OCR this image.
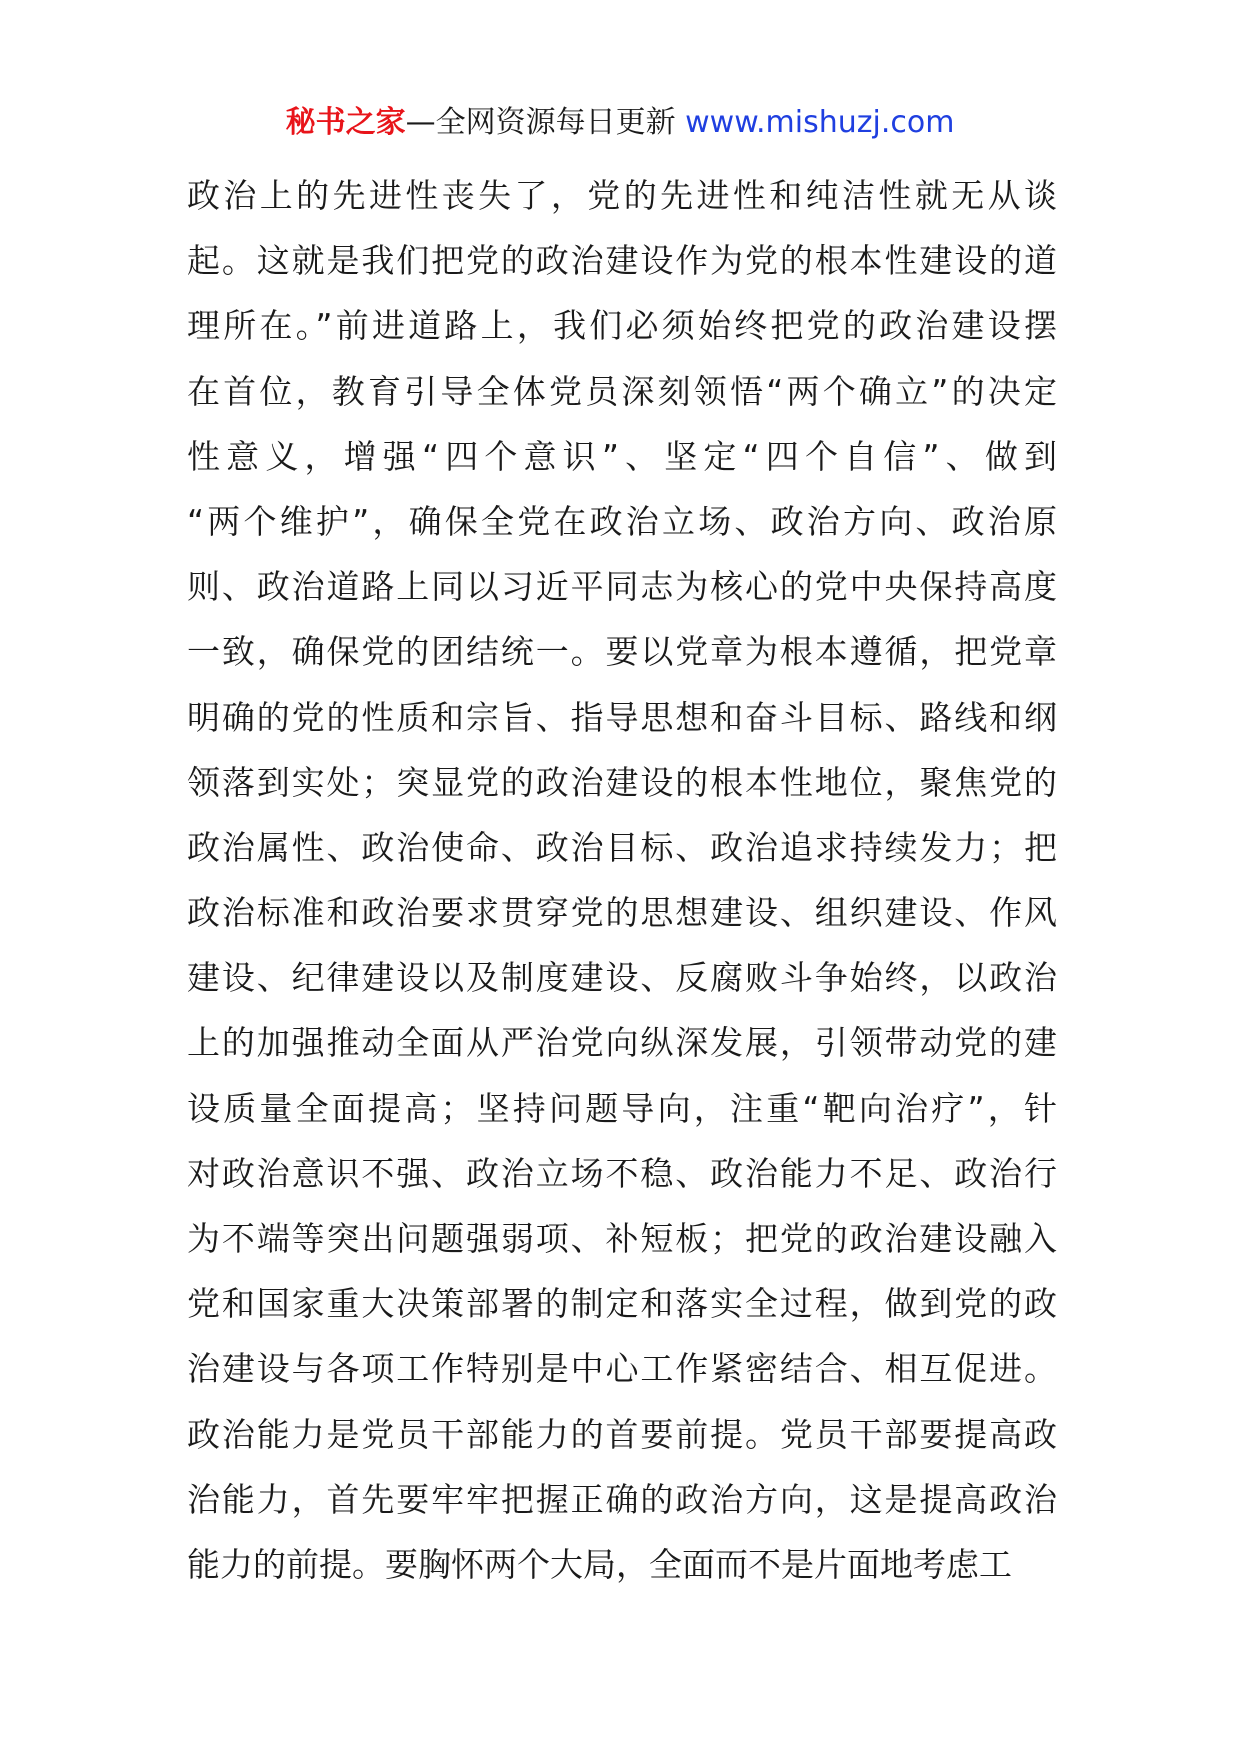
秘书之家—全网资源每日更新 www.mishuzj.com
政治上的先进性丧失了，党的先进性和纯洁性就无从谈
起。这就是我们把党的政治建设作为党的根本性建设的道
理所在。”前进道路上，我们必须始终把党的政治建设摆
在首位，教育引导全体党员深刻领悟“两个确立”的决定
性意义，增强“四个意识”、坚定“四个自信”、做到
“两个维护”，确保全党在政治立场、政治方向、政治原
则、政治道路上同以习近平同志为核心的党中央保持高度
一致，确保党的团结统一。要以党章为根本遵循，把党章
明确的党的性质和宗旨、指导思想和奋斗目标、路线和纲
领落到实处；突显党的政治建设的根本性地位，聚焦党的
政治属性、政治使命、政治目标、政治追求持续发力；把
政治标准和政治要求贯穿党的思想建设、组织建设、作风
建设、纪律建设以及制度建设、反腐败斗争始终，以政治
上的加强推动全面从严治党向纵深发展，引领带动党的建
设质量全面提高；坚持问题导向，注重“靶向治疗”，针
对政治意识不强、政治立场不稳、政治能力不足、政治行
为不端等突出问题强弱项、补短板；把党的政治建设融入
党和国家重大决策部署的制定和落实全过程，做到党的政
治建设与各项工作特别是中心工作紧密结合、相互促进。
政治能力是党员干部能力的首要前提。党员干部要提高政
治能力，首先要牢牢把握正确的政治方向，这是提高政治
能力的前提。要胸怀两个大局，全面而不是片面地考虑工
